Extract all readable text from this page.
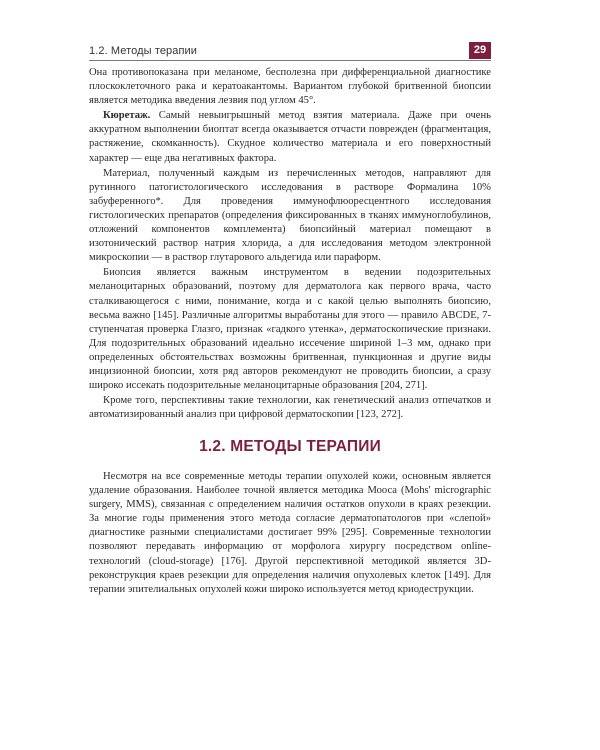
1.2. Методы терапии	29

Она противопоказана при меланоме, бесполезна при дифференциальной диагностике плоскоклеточного рака и кератоакантомы. Вариантом глубокой бритвенной биопсии является методика введения лезвия под углом 45°.

Кюретаж. Самый невыигрышный метод взятия материала. Даже при очень аккуратном выполнении биоптат всегда оказывается отчасти поврежден (фрагментация, растяжение, скомканность). Скудное количество материала и его поверхностный характер — еще два негативных фактора.

Материал, полученный каждым из перечисленных методов, направляют для рутинного патогистологического исследования в растворе Формалина 10% забуференного*. Для проведения иммунофлюоресцентного исследования гистологических препаратов (определения фиксированных в тканях иммуноглобулинов, отложений компонентов комплемента) биопсийный материал помещают в изотонический раствор натрия хлорида, а для исследования методом электронной микроскопии — в раствор глутарового альдегида или параформ.

Биопсия является важным инструментом в ведении подозрительных меланоцитарных образований, поэтому для дерматолога как первого врача, часто сталкивающегося с ними, понимание, когда и с какой целью выполнять биопсию, весьма важно [145]. Различные алгоритмы выработаны для этого — правило ABCDE, 7-ступенчатая проверка Глазго, признак «гадкого утенка», дерматоскопические признаки. Для подозрительных образований идеально иссечение шириной 1–3 мм, однако при определенных обстоятельствах возможны бритвенная, пункционная и другие виды инцизионной биопсии, хотя ряд авторов рекомендуют не проводить биопсии, а сразу широко иссекать подозрительные меланоцитарные образования [204, 271].

Кроме того, перспективны такие технологии, как генетический анализ отпечатков и автоматизированный анализ при цифровой дерматоскопии [123, 272].

1.2. МЕТОДЫ ТЕРАПИИ

Несмотря на все современные методы терапии опухолей кожи, основным является удаление образования. Наиболее точной является методика Мооса (Mohs' micrographic surgery, MMS), связанная с определением наличия остатков опухоли в краях резекции. За многие годы применения этого метода согласие дерматопатологов при «слепой» диагностике разными специалистами достигает 99% [295]. Современные технологии позволяют передавать информацию от морфолога хирургу посредством online-технологий (cloud-storage) [176]. Другой перспективной методикой является 3D-реконструкция краев резекции для определения наличия опухолевых клеток [149]. Для терапии эпителиальных опухолей кожи широко используется метод криодеструкции.
